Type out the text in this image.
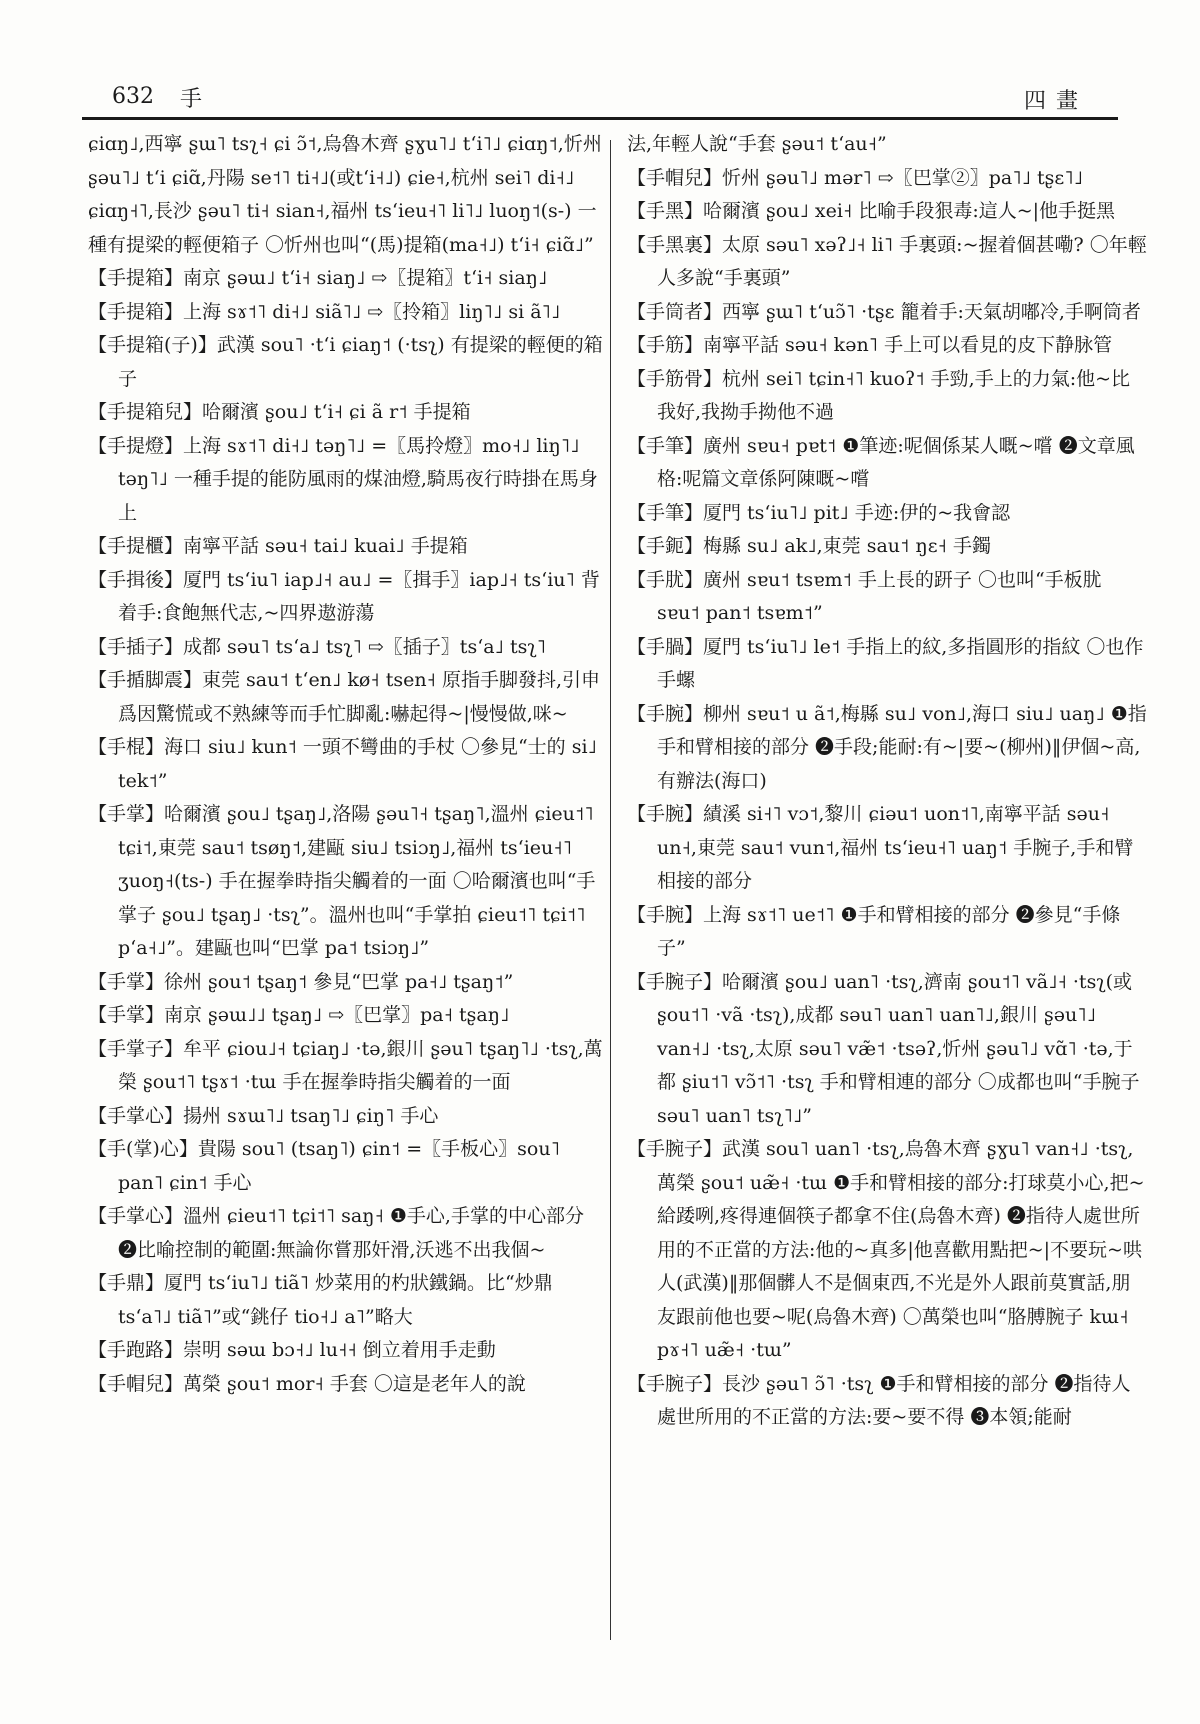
632 手	四畫

ɕiɑŋ˩,西寧 ʂɯ˥ tsʅ˧ ɕi ɔ̃˦,烏魯木齊 ʂɣu˥˩ tʻi˥˩ ɕiɑŋ˦,忻州 ʂəu˥˩ tʻi ɕiɑ̃,丹陽 se˦˥ ti˧˩(或tʻi˧˩) ɕie˧,杭州 sei˥ di˧˩ ɕiɑŋ˧˥,長沙 ʂəu˥ ti˧ sian˧,福州 tsʻieu˧˥ li˥˩ luoŋ˦(s-) 一種有提梁的輕便箱子 〇忻州也叫“(馬)提箱(ma˧˩) tʻi˧ ɕiɑ̃˩”

【手提箱】南京 ʂəɯ˩ tʻi˧ siaŋ˩ ⇨〖提箱〗tʻi˧ siaŋ˩

【手提箱】上海 sɤ˦˥ di˧˩ siã˥˩ ⇨〖拎箱〗liŋ˥˩ si ã˥˩

【手提箱(子)】武漢 sou˥ ·tʻi ɕiaŋ˦ (·tsʅ) 有提梁的輕便的箱子

【手提箱兒】哈爾濱 ʂou˩ tʻi˧ ɕi ã r˦ 手提箱

【手提燈】上海 sɤ˦˥ di˧˩ təŋ˥˩ =〖馬拎燈〗mo˧˩ liŋ˥˩ təŋ˥˩ 一種手提的能防風雨的煤油燈,騎馬夜行時掛在馬身上

【手提櫃】南寧平話 səu˧ tai˩ kuai˩ 手提箱

【手揖後】厦門 tsʻiu˥ iap˩˧ au˩ =〖揖手〗iap˩˧ tsʻiu˥ 背着手:食飽無代志,~四界遨游蕩

【手插子】成都 səu˥ tsʻa˩ tsʅ˥ ⇨〖插子〗tsʻa˩ tsʅ˥

【手揗脚震】東莞 sau˦ tʻen˩ kø˧ tsen˧ 原指手脚發抖,引申爲因驚慌或不熟練等而手忙脚亂:嚇起得~|慢慢做,咪~

【手棍】海口 siu˩ kun˦ 一頭不彎曲的手杖 〇參見“士的 si˩ tek˦”

【手掌】哈爾濱 ʂou˩ tʂaŋ˩,洛陽 ʂəu˥˧ tʂaŋ˥,溫州 ɕieu˦˥ tɕi˦,東莞 sau˦ tsøŋ˦,建甌 siu˩ tsiɔŋ˩,福州 tsʻieu˧˥ ʒuoŋ˧(ts-) 手在握拳時指尖觸着的一面 〇哈爾濱也叫“手掌子 ʂou˩ tʂaŋ˩ ·tsʅ”。溫州也叫“手掌拍 ɕieu˦˥ tɕi˦˥ pʻa˧˩”。建甌也叫“巴掌 pa˦ tsiɔŋ˩”

【手掌】徐州 ʂou˦ tʂaŋ˦ 參見“巴掌 pa˧˩ tʂaŋ˦”

【手掌】南京 ʂəɯ˩˩ tʂaŋ˩ ⇨〖巴掌〗pa˧ tʂaŋ˩

【手掌子】牟平 ɕiou˩˧ tɕiaŋ˩ ·tə,銀川 ʂəu˥ tʂaŋ˥˩ ·tsʅ,萬榮 ʂou˦˥ tʂɤ˦ ·tɯ 手在握拳時指尖觸着的一面

【手掌心】揚州 sɤɯ˥˩ tsaŋ˥˩ ɕiŋ˥ 手心

【手(掌)心】貴陽 sou˥ (tsaŋ˥) ɕin˦ =〖手板心〗sou˥ pan˥ ɕin˦ 手心

【手掌心】溫州 ɕieu˦˥ tɕi˦˥ saŋ˧ ❶手心,手掌的中心部分 ❷比喻控制的範圍:無論你嘗那奸滑,沃逃不出我個~

【手鼎】厦門 tsʻiu˥˩ tiã˥ 炒菜用的杓狀鐵鍋。比“炒鼎 tsʻa˥˩ tiã˥”或“銚仔 tio˧˩ a˥”略大

【手跑路】崇明 səɯ bɔ˧˩ lu˧˧ 倒立着用手走動

【手帽兒】萬榮 ʂou˦ mor˧ 手套 〇這是老年人的說

法,年輕人說“手套 ʂəu˦ tʻau˧”

【手帽兒】忻州 ʂəu˥˩ mər˥ ⇨〖巴掌②〗pa˥˩ tʂɛ˥˩

【手黑】哈爾濱 ʂou˩ xei˧ 比喻手段狠毒:這人~|他手挺黑

【手黑裏】太原 səu˥ xəʔ˩˧ li˥ 手裏頭:~握着個甚嘞? 〇年輕人多說“手裏頭”

【手筒者】西寧 ʂɯ˥ tʻuɔ̃˥ ·tʂɛ 籠着手:天氣胡嘟冷,手啊筒者

【手筋】南寧平話 səu˧ kən˥ 手上可以看見的皮下静脉管

【手筋骨】杭州 sei˥ tɕin˧˥ kuoʔ˦ 手勁,手上的力氣:他~比我好,我拗手拗他不過

【手筆】廣州 sɐu˧ pɐt˦ ❶筆迹:呢個係某人嘅~嚐 ❷文章風格:呢篇文章係阿陳嘅~嚐

【手筆】厦門 tsʻiu˥˩ pit˩ 手迹:伊的~我會認

【手鈪】梅縣 su˩ ak˩,東莞 sau˦ ŋɛ˧ 手鐲

【手肬】廣州 sɐu˦ tsɐm˦ 手上長的趼子 〇也叫“手板肬 sɐu˦ pan˦ tsɐm˦”

【手腡】厦門 tsʻiu˥˩ le˦ 手指上的紋,多指圓形的指紋 〇也作手螺

【手腕】柳州 sɐu˦ u ã˦,梅縣 su˩ von˩,海口 siu˩ uaŋ˩ ❶指手和臂相接的部分 ❷手段;能耐:有~|要~(柳州)‖伊個~高,有辦法(海口)

【手腕】績溪 si˧˥ vɔ˦,黎川 ɕiəu˦ uon˦˥,南寧平話 səu˧ un˧,東莞 sau˦ vun˦,福州 tsʻieu˧˥ uaŋ˦ 手腕子,手和臂相接的部分

【手腕】上海 sɤ˦˥ ue˦˥ ❶手和臂相接的部分 ❷參見“手條子”

【手腕子】哈爾濱 ʂou˩ uan˥ ·tsʅ,濟南 ʂou˦˥ vã˩˧ ·tsʅ(或ʂou˦˥ ·vã ·tsʅ),成都 səu˥ uan˥ uan˥˩,銀川 ʂəu˥˩ van˧˩ ·tsʅ,太原 səu˥ væ̃˦ ·tsəʔ,忻州 ʂəu˥˩ vɑ̃˥ ·tə,于都 ʂiu˦˥ vɔ̃˦˥ ·tsʅ 手和臂相連的部分 〇成都也叫“手腕子 səu˥ uan˥ tsʅ˥˩”

【手腕子】武漢 sou˥ uan˥ ·tsʅ,烏魯木齊 ʂɣu˥ van˧˩ ·tsʅ,萬榮 ʂou˦ uæ̃˧ ·tɯ ❶手和臂相接的部分:打球莫小心,把~給踒咧,疼得連個筷子都拿不住(烏魯木齊) ❷指待人處世所用的不正當的方法:他的~真多|他喜歡用點把~|不要玩~哄人(武漢)‖那個髒人不是個東西,不光是外人跟前莫實話,朋友跟前他也要~呢(烏魯木齊) 〇萬榮也叫“胳膊腕子 kɯ˧ pɤ˧˥ uæ̃˧ ·tɯ”

【手腕子】長沙 ʂəu˥ ɔ̃˥ ·tsʅ ❶手和臂相接的部分 ❷指待人處世所用的不正當的方法:要~要不得 ❸本領;能耐
